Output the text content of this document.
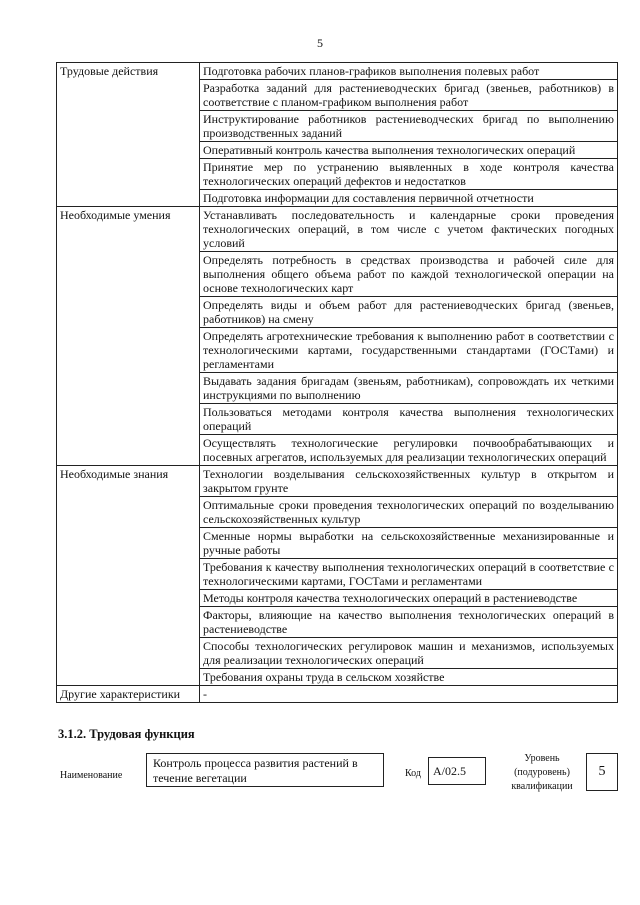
5
Трудовые действия	Подготовка рабочих планов-графиков выполнения полевых работ
	Разработка заданий для растениеводческих бригад (звеньев, работников) в соответствие с планом-графиком выполнения работ
	Инструктирование работников растениеводческих бригад по выполнению производственных заданий
	Оперативный контроль качества выполнения технологических операций
	Принятие мер по устранению выявленных в ходе контроля качества технологических операций дефектов и недостатков
	Подготовка информации для составления первичной отчетности
Необходимые умения	Устанавливать последовательность и календарные сроки проведения технологических операций, в том числе с учетом фактических погодных условий
	Определять потребность в средствах производства и рабочей силе для выполнения общего объема работ по каждой технологической операции на основе технологических карт
	Определять виды и объем работ для растениеводческих бригад (звеньев, работников) на смену
	Определять агротехнические требования к выполнению работ в соответствии с технологическими картами, государственными стандартами (ГОСТами) и регламентами
	Выдавать задания бригадам (звеньям, работникам), сопровождать их четкими инструкциями по выполнению
	Пользоваться методами контроля качества выполнения технологических операций
	Осуществлять технологические регулировки почвообрабатывающих и посевных агрегатов, используемых для реализации технологических операций
Необходимые знания	Технологии возделывания сельскохозяйственных культур в открытом и закрытом грунте
	Оптимальные сроки проведения технологических операций по возделыванию сельскохозяйственных культур
	Сменные нормы выработки на сельскохозяйственные механизированные и ручные работы
	Требования к качеству выполнения технологических операций в соответствие с технологическими картами, ГОСТами и регламентами
	Методы контроля качества технологических операций в растениеводстве
	Факторы, влияющие на качество выполнения технологических операций в растениеводстве
	Способы технологических регулировок машин и механизмов, используемых для реализации технологических операций
	Требования охраны труда в сельском хозяйстве
Другие характеристики	-
3.1.2. Трудовая функция
Наименование
Контроль процесса развития растений в течение вегетации	Код	А/02.5
Уровень (подуровень) квалификации
5
